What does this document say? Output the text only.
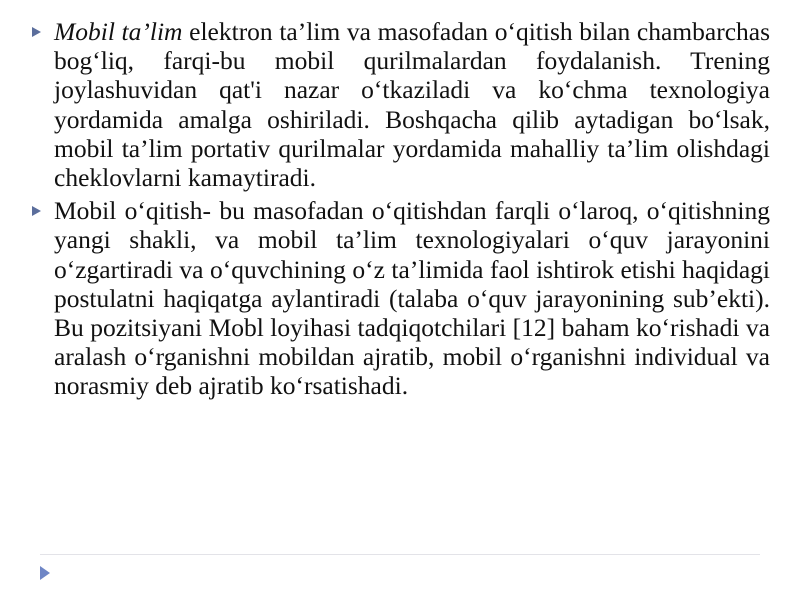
Mobil ta’lim elektron ta’lim va masofadan o‘qitish bilan chambarchas bog‘liq, farqi-bu mobil qurilmalardan foydalanish. Trening joylashuvidan qat'i nazar o‘tkaziladi va ko‘chma texnologiya yordamida amalga oshiriladi. Boshqacha qilib aytadigan bo‘lsak, mobil ta’lim portativ qurilmalar yordamida mahalliy ta’lim olishdagi cheklovlarni kamaytiradi.

Mobil o‘qitish- bu masofadan o‘qitishdan farqli o‘laroq, o‘qitishning yangi shakli, va mobil ta’lim texnologiyalari o‘quv jarayonini o‘zgartiradi va o‘quvchining o‘z ta’limida faol ishtirok etishi haqidagi postulatni haqiqatga aylantiradi (talaba o‘quv jarayonining sub’ekti). Bu pozitsiyani Mobl loyihasi tadqiqotchilari [12] baham ko‘rishadi va aralash o‘rganishni mobildan ajratib, mobil o‘rganishni individual va norasmiy deb ajratib ko‘rsatishadi.
